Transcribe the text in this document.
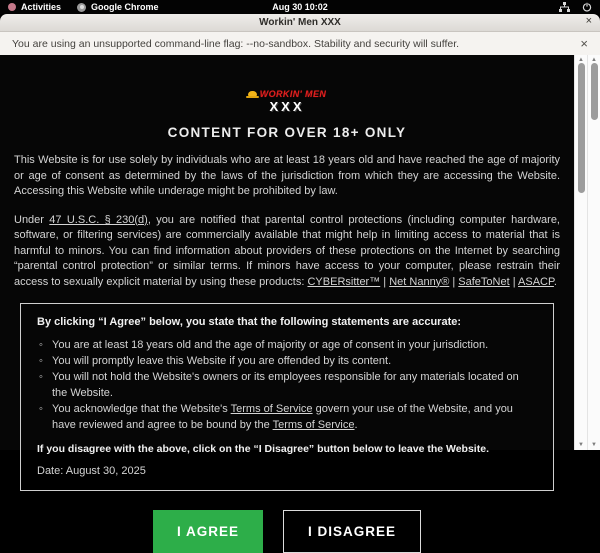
Activities	Google Chrome	Aug 30 10:02
Workin' Men XXX	×
You are using an unsupported command-line flag: --no-sandbox. Stability and security will suffer.	×
WORKIN' MEN
XXX
CONTENT FOR OVER 18+ ONLY

This Website is for use solely by individuals who are at least 18 years old and have reached the age of majority or age of consent as determined by the laws of the jurisdiction from which they are accessing the Website. Accessing this Website while underage might be prohibited by law.

Under 47 U.S.C. § 230(d), you are notified that parental control protections (including computer hardware, software, or filtering services) are commercially available that might help in limiting access to material that is harmful to minors. You can find information about providers of these protections on the Internet by searching “parental control protection” or similar terms. If minors have access to your computer, please restrain their access to sexually explicit material by using these products: CYBERsitter™ | Net Nanny® | SafeToNet | ASACP.

By clicking “I Agree” below, you state that the following statements are accurate:

◦ You are at least 18 years old and the age of majority or age of consent in your jurisdiction.
◦ You will promptly leave this Website if you are offended by its content.
◦ You will not hold the Website's owners or its employees responsible for any materials located on the Website.
◦ You acknowledge that the Website's Terms of Service govern your use of the Website, and you have reviewed and agree to be bound by the Terms of Service.

If you disagree with the above, click on the “I Disagree” button below to leave the Website.

Date: August 30, 2025

I AGREE	I DISAGREE
▲
▼
▲
▼
